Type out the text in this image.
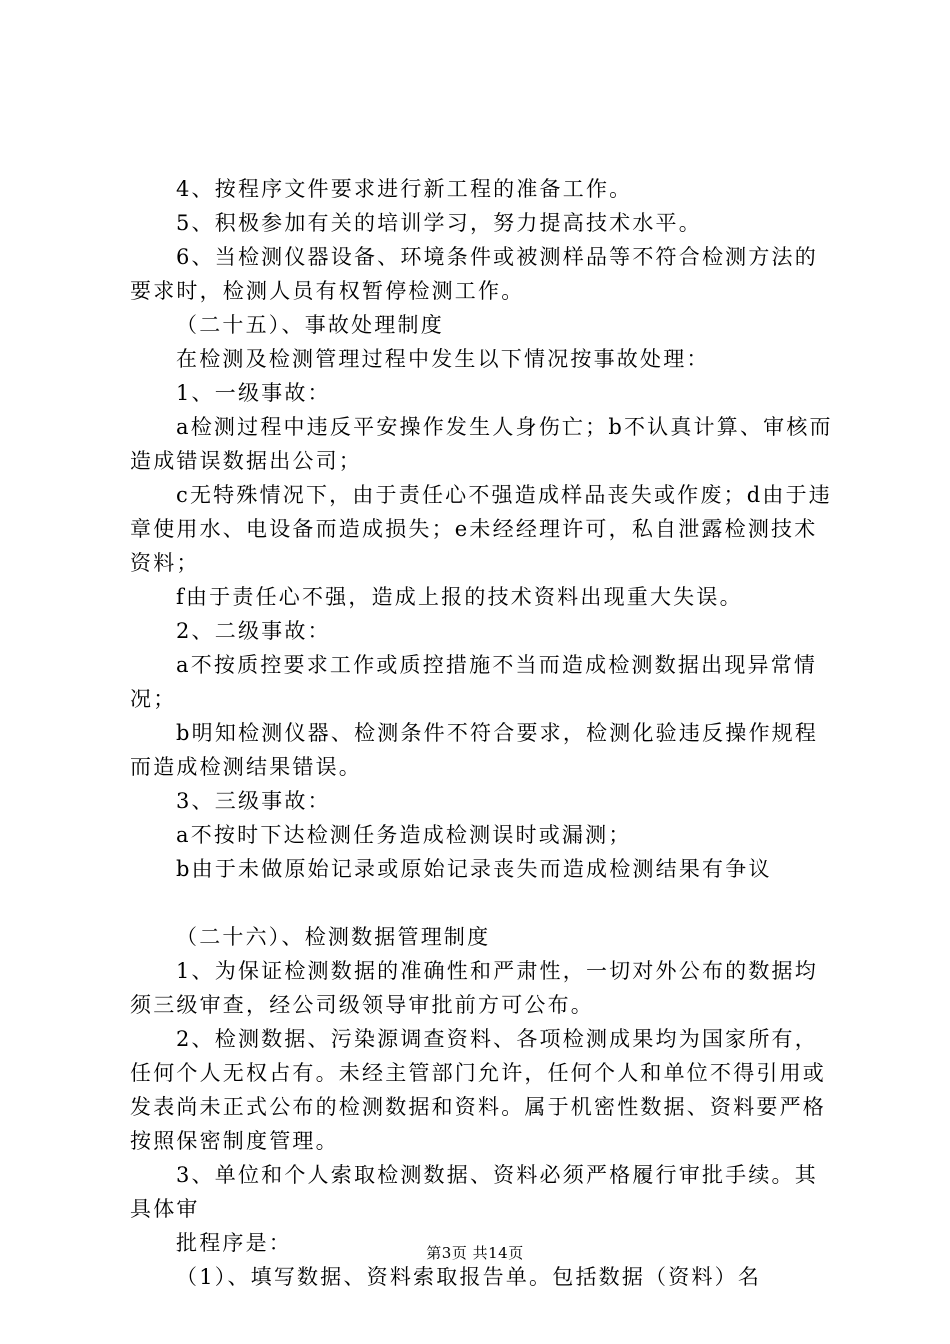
4、按程序文件要求进行新工程的准备工作。

5、积极参加有关的培训学习，努力提高技术水平。

6、当检测仪器设备、环境条件或被测样品等不符合检测方法的要求时，检测人员有权暂停检测工作。

（二十五）、事故处理制度

在检测及检测管理过程中发生以下情况按事故处理：

1、一级事故：

a检测过程中违反平安操作发生人身伤亡；b不认真计算、审核而造成错误数据出公司；

c无特殊情况下，由于责任心不强造成样品丧失或作废；d由于违章使用水、电设备而造成损失；e未经经理许可，私自泄露检测技术资料；

f由于责任心不强，造成上报的技术资料出现重大失误。

2、二级事故：

a不按质控要求工作或质控措施不当而造成检测数据出现异常情况；

b明知检测仪器、检测条件不符合要求，检测化验违反操作规程而造成检测结果错误。

3、三级事故：

a不按时下达检测任务造成检测误时或漏测；

b由于未做原始记录或原始记录丧失而造成检测结果有争议

（二十六）、检测数据管理制度

1、为保证检测数据的准确性和严肃性，一切对外公布的数据均须三级审查，经公司级领导审批前方可公布。

2、检测数据、污染源调查资料、各项检测成果均为国家所有，任何个人无权占有。未经主管部门允许，任何个人和单位不得引用或发表尚未正式公布的检测数据和资料。属于机密性数据、资料要严格按照保密制度管理。

3、单位和个人索取检测数据、资料必须严格履行审批手续。其具体审

批程序是：

（1）、填写数据、资料索取报告单。包括数据（资料）名

第3页 共14页
